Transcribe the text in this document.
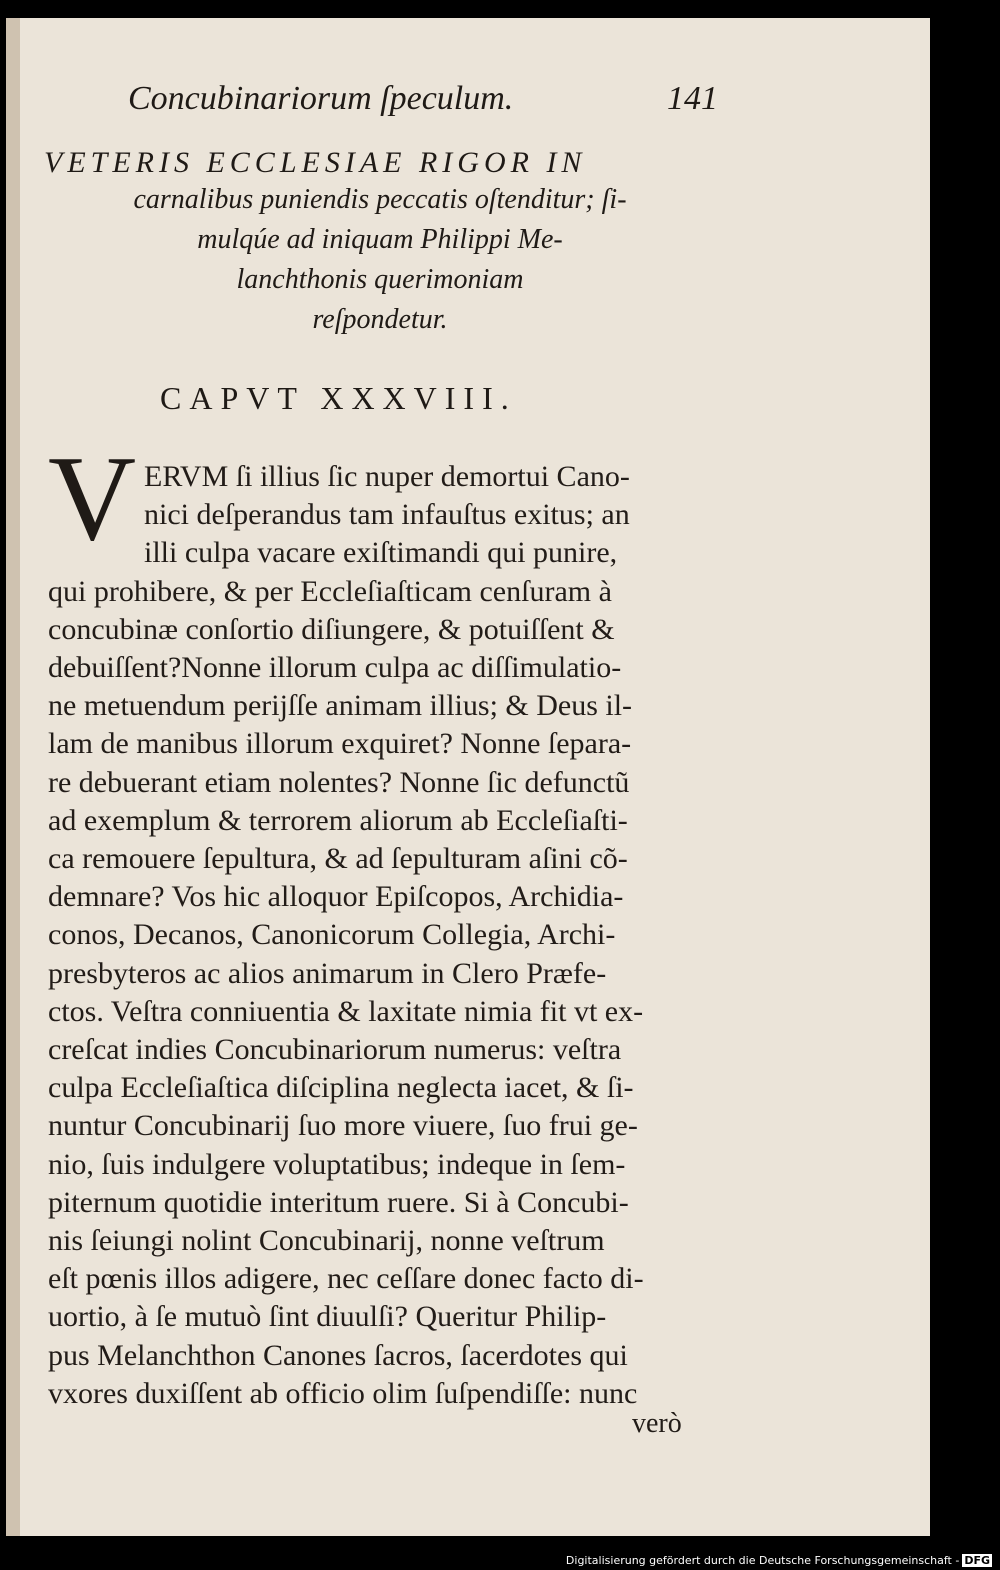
Concubinariorum ſpeculum.	141
VETERIS ECCLESIAE RIGOR IN
carnalibus puniendis peccatis oſtenditur; ſi-
mulqúe ad iniquam Philippi Me-
lanchthonis querimoniam
reſpondetur.
CAPVT XXXVIII.
V ERVM ſi illius ſic nuper demortui Cano-
nici deſperandus tam infauſtus exitus; an
illi culpa vacare exiſtimandi qui punire,
qui prohibere, & per Eccleſiaſticam cenſuram à
concubinæ conſortio diſiungere, & potuiſſent &
debuiſſent?Nonne illorum culpa ac diſſimulatio-
ne metuendum perijſſe animam illius; & Deus il-
lam de manibus illorum exquiret? Nonne ſepara-
re debuerant etiam nolentes? Nonne ſic defunctũ
ad exemplum & terrorem aliorum ab Eccleſiaſti-
ca remouere ſepultura, & ad ſepulturam aſini cõ-
demnare? Vos hic alloquor Epiſcopos, Archidia-
conos, Decanos, Canonicorum Collegia, Archi-
presbyteros ac alios animarum in Clero Præfe-
ctos. Veſtra conniuentia & laxitate nimia fit vt ex-
creſcat indies Concubinariorum numerus: veſtra
culpa Eccleſiaſtica diſciplina neglecta iacet, & ſi-
nuntur Concubinarij ſuo more viuere, ſuo frui ge-
nio, ſuis indulgere voluptatibus; indeque in ſem-
piternum quotidie interitum ruere. Si à Concubi-
nis ſeiungi nolint Concubinarij, nonne veſtrum
eſt pœnis illos adigere, nec ceſſare donec facto di-
uortio, à ſe mutuò ſint diuulſi? Queritur Philip-
pus Melanchthon Canones ſacros, ſacerdotes qui
vxores duxiſſent ab officio olim ſuſpendiſſe: nunc
verò
Digitalisierung gefördert durch die Deutsche Forschungsgemeinschaft - DFG
